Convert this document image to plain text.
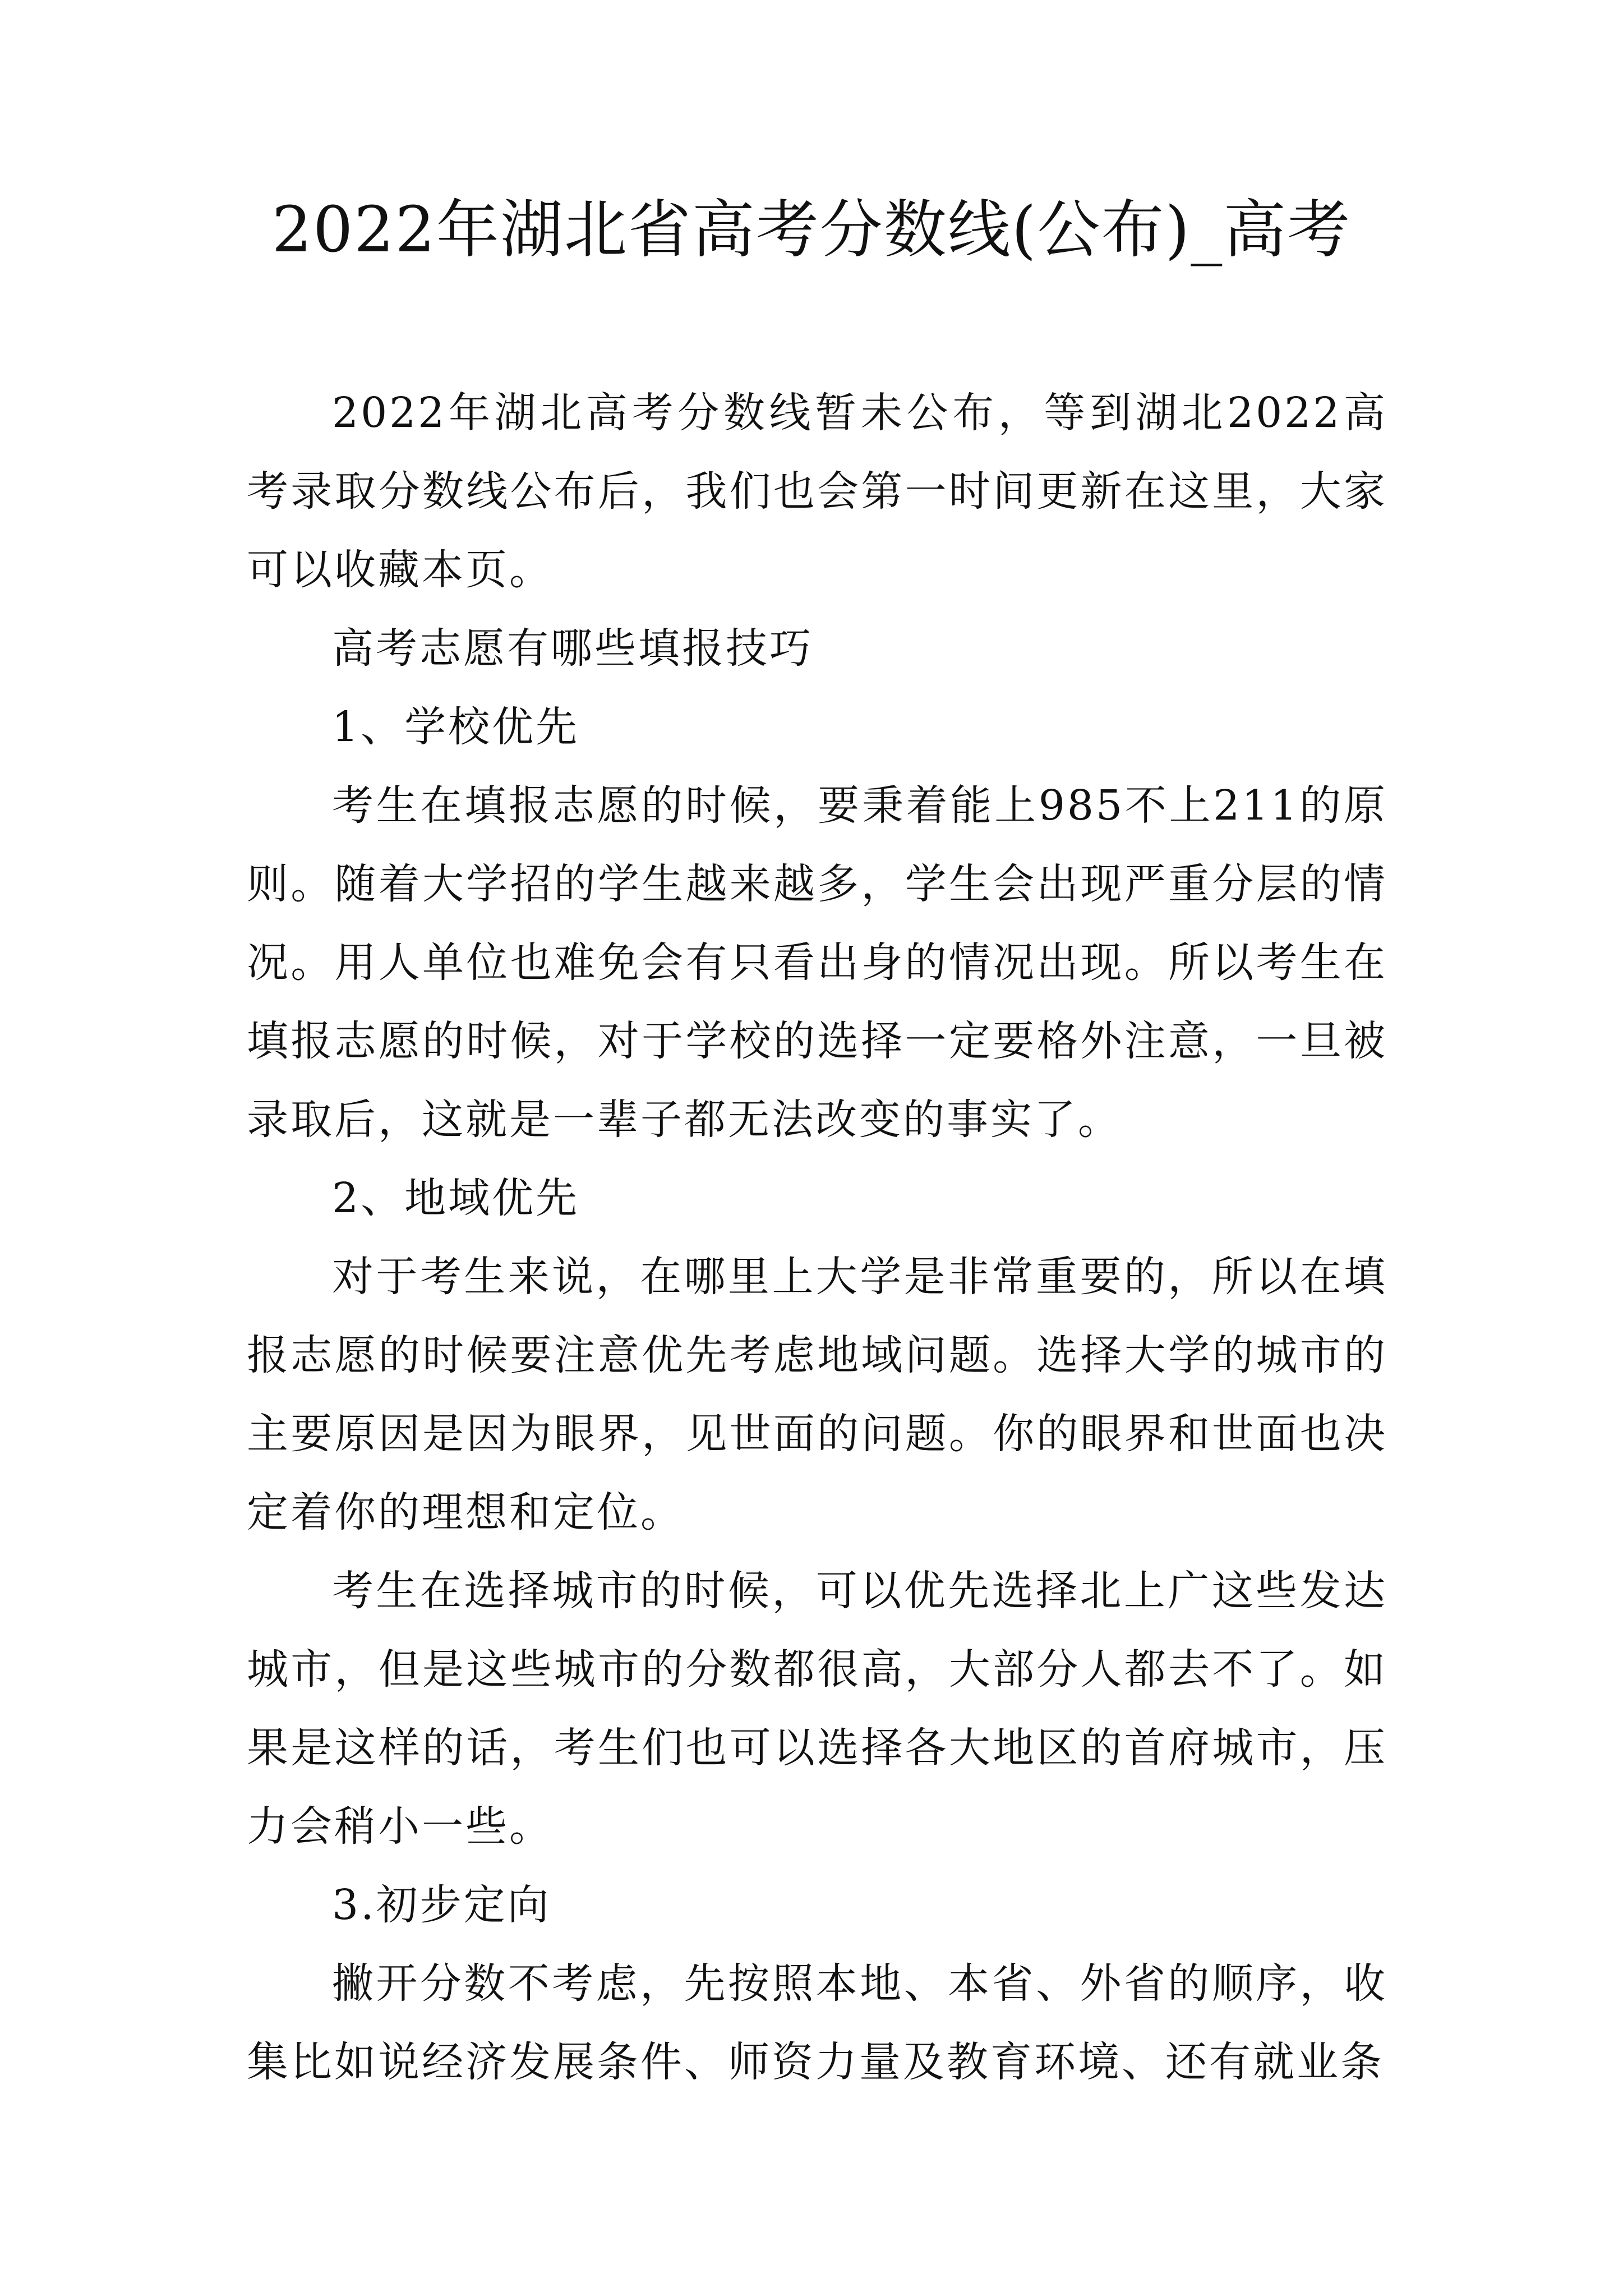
2022年湖北省高考分数线(公布)_高考

2022年湖北高考分数线暂未公布，等到湖北2022高考录取分数线公布后，我们也会第一时间更新在这里，大家可以收藏本页。

高考志愿有哪些填报技巧

1、学校优先

考生在填报志愿的时候，要秉着能上985不上211的原则。随着大学招的学生越来越多，学生会出现严重分层的情况。用人单位也难免会有只看出身的情况出现。所以考生在填报志愿的时候，对于学校的选择一定要格外注意，一旦被录取后，这就是一辈子都无法改变的事实了。

2、地域优先

对于考生来说，在哪里上大学是非常重要的，所以在填报志愿的时候要注意优先考虑地域问题。选择大学的城市的主要原因是因为眼界，见世面的问题。你的眼界和世面也决定着你的理想和定位。

考生在选择城市的时候，可以优先选择北上广这些发达城市，但是这些城市的分数都很高，大部分人都去不了。如果是这样的话，考生们也可以选择各大地区的首府城市，压力会稍小一些。

3.初步定向

撇开分数不考虑，先按照本地、本省、外省的顺序，收集比如说经济发展条件、师资力量及教育环境、还有就业条
